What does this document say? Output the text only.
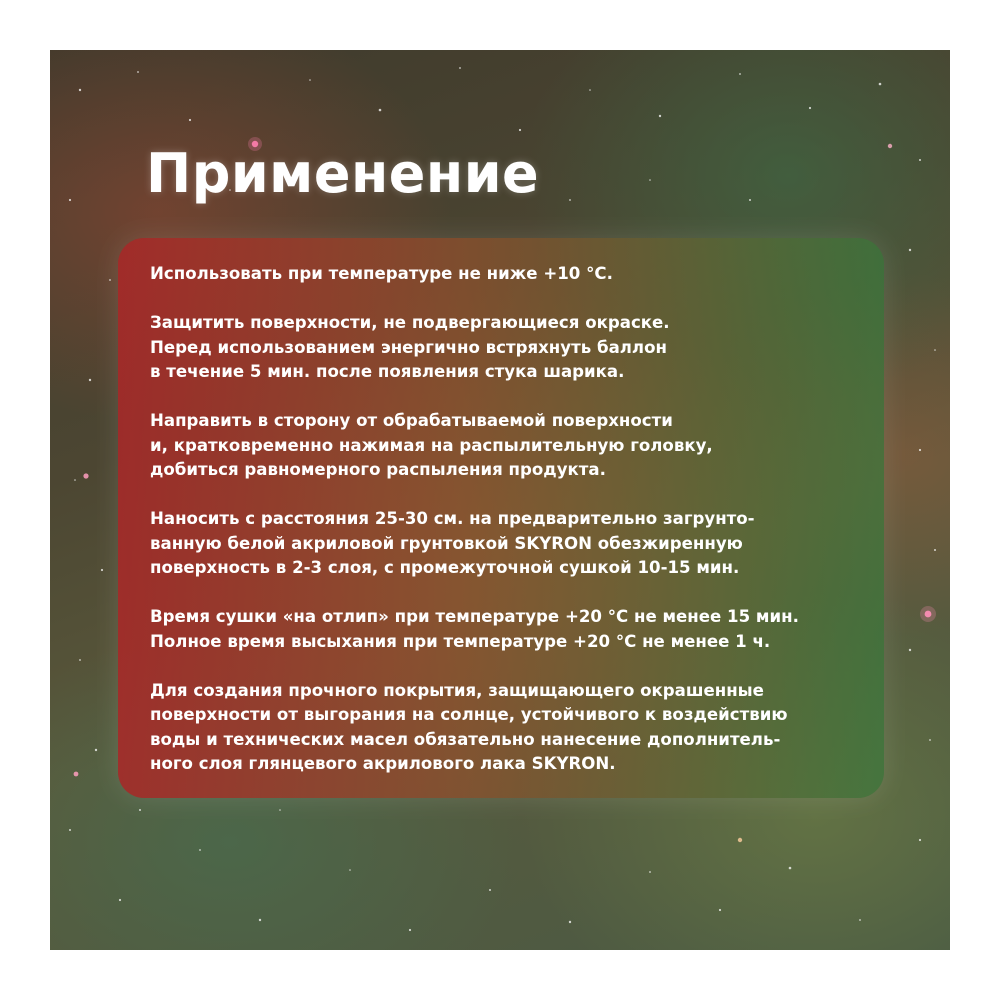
Применение

Использовать при температуре не ниже +10 °С.

Защитить поверхности, не подвергающиеся окраске.
Перед использованием энергично встряхнуть баллон
в течение 5 мин. после появления стука шарика.

Направить в сторону от обрабатываемой поверхности
и, кратковременно нажимая на распылительную головку,
добиться равномерного распыления продукта.

Наносить с расстояния 25-30 см. на предварительно загрунто-
ванную белой акриловой грунтовкой SKYRON обезжиренную
поверхность в 2-3 слоя, с промежуточной сушкой 10-15 мин.

Время сушки «на отлип» при температуре +20 °С не менее 15 мин.
Полное время высыхания при температуре +20 °С не менее 1 ч.

Для создания прочного покрытия, защищающего окрашенные
поверхности от выгорания на солнце, устойчивого к воздействию
воды и технических масел обязательно нанесение дополнитель-
ного слоя глянцевого акрилового лака SKYRON.
